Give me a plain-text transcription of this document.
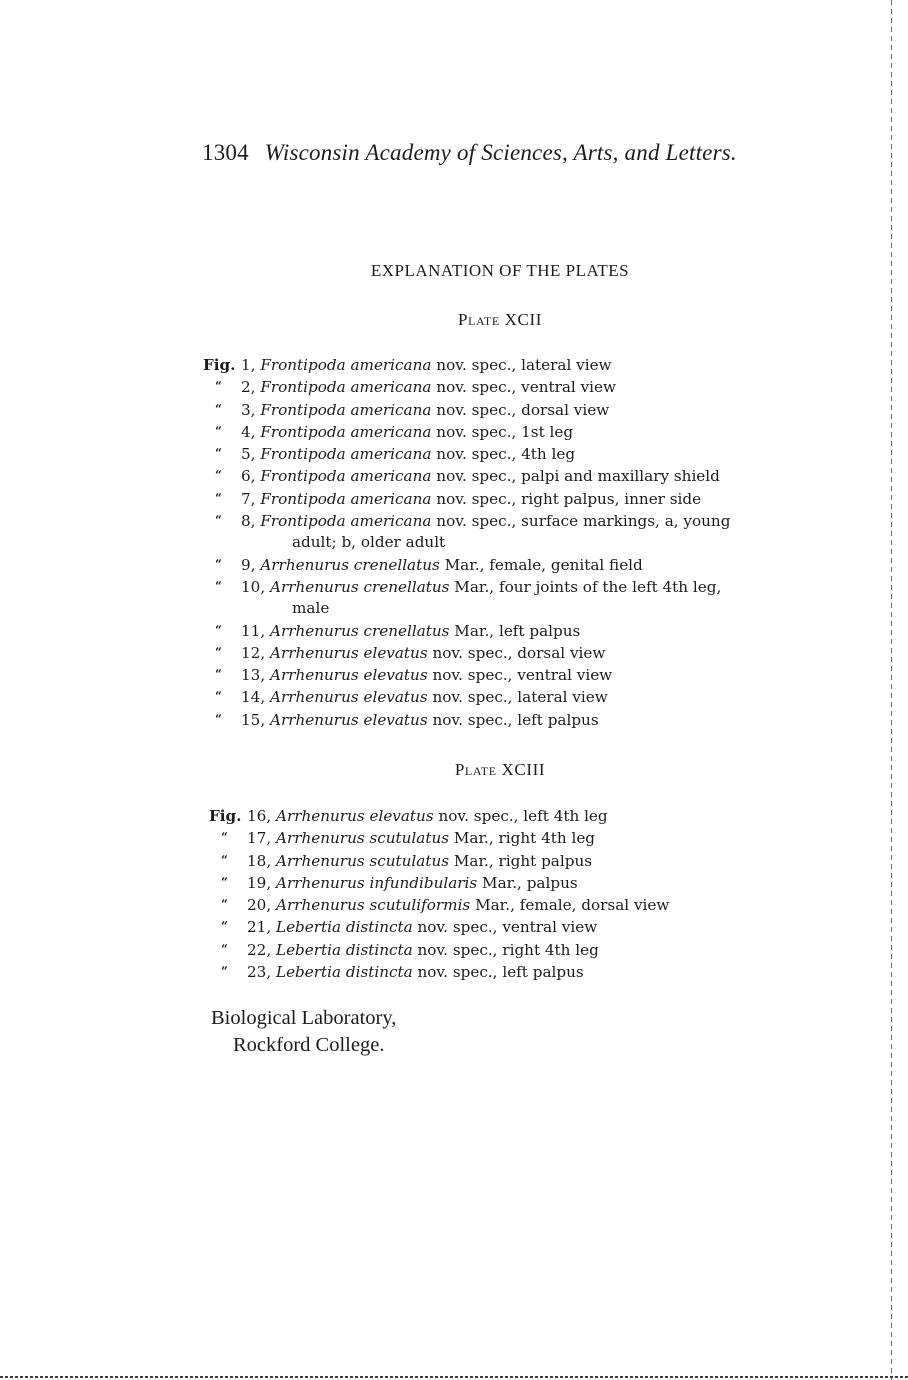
1304 Wisconsin Academy of Sciences, Arts, and Letters.
EXPLANATION OF THE PLATES
Plate XCII
Fig. 1, Frontipoda americana nov. spec., lateral view
“ 2, Frontipoda americana nov. spec., ventral view
“ 3, Frontipoda americana nov. spec., dorsal view
“ 4, Frontipoda americana nov. spec., 1st leg
“ 5, Frontipoda americana nov. spec., 4th leg
“ 6, Frontipoda americana nov. spec., palpi and maxillary shield
“ 7, Frontipoda americana nov. spec., right palpus, inner side
“ 8, Frontipoda americana nov. spec., surface markings, a, young
adult; b, older adult
“ 9, Arrhenurus crenellatus Mar., female, genital field
“ 10, Arrhenurus crenellatus Mar., four joints of the left 4th leg,
male
“ 11, Arrhenurus crenellatus Mar., left palpus
“ 12, Arrhenurus elevatus nov. spec., dorsal view
“ 13, Arrhenurus elevatus nov. spec., ventral view
“ 14, Arrhenurus elevatus nov. spec., lateral view
“ 15, Arrhenurus elevatus nov. spec., left palpus
Plate XCIII
Fig. 16, Arrhenurus elevatus nov. spec., left 4th leg
“ 17, Arrhenurus scutulatus Mar., right 4th leg
“ 18, Arrhenurus scutulatus Mar., right palpus
“ 19, Arrhenurus infundibularis Mar., palpus
“ 20, Arrhenurus scutuliformis Mar., female, dorsal view
“ 21, Lebertia distincta nov. spec., ventral view
“ 22, Lebertia distincta nov. spec., right 4th leg
“ 23, Lebertia distincta nov. spec., left palpus
Biological Laboratory,
Rockford College.
